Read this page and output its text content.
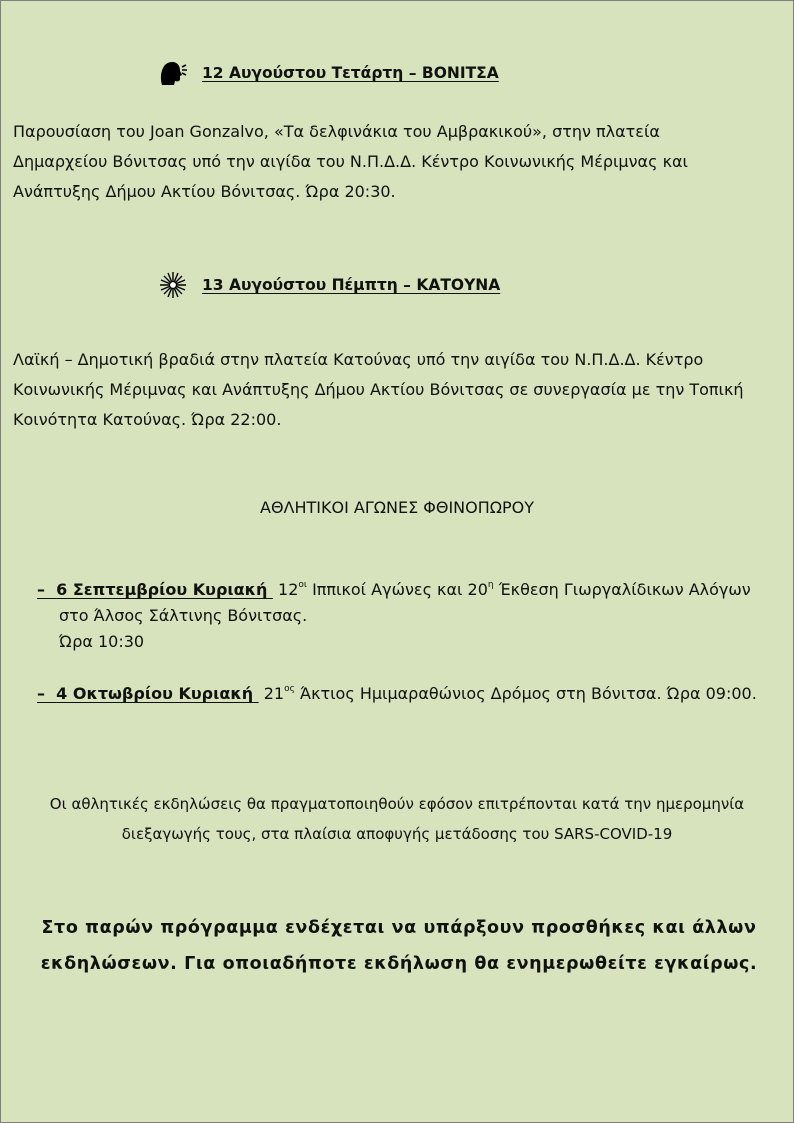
12 Αυγούστου Τετάρτη – ΒΟΝΙΤΣΑ
Παρουσίαση του Joan Gonzalvo, «Τα δελφινάκια του Αμβρακικού», στην πλατεία
Δημαρχείου Βόνιτσας υπό την αιγίδα του Ν.Π.Δ.Δ. Κέντρο Κοινωνικής Μέριμνας και
Ανάπτυξης Δήμου Ακτίου Βόνιτσας. Ώρα 20:30.
13 Αυγούστου Πέμπτη – ΚΑΤΟΥΝΑ
Λαϊκή – Δημοτική βραδιά στην πλατεία Κατούνας υπό την αιγίδα του Ν.Π.Δ.Δ. Κέντρο
Κοινωνικής Μέριμνας και Ανάπτυξης Δήμου Ακτίου Βόνιτσας σε συνεργασία με την Τοπική
Κοινότητα Κατούνας. Ώρα 22:00.
ΑΘΛΗΤΙΚΟΙ ΑΓΩΝΕΣ ΦΘΙΝΟΠΩΡΟΥ
– 6 Σεπτεμβρίου Κυριακή $12^{o\iota}$ Ιππικοί Αγώνες και $20^\eta$ Έκθεση Γιωργαλίδικων Αλόγων
στο Άλσος Σάλτινης Βόνιτσας.
Ώρα 10:30
– 4 Οκτωβρίου Κυριακή $21^{o\varsigma}$ Άκτιος Ημιμαραθώνιος Δρόμος στη Βόνιτσα. Ώρα 09:00.
Οι αθλητικές εκδηλώσεις θα πραγματοποιηθούν εφόσον επιτρέπονται κατά την ημερομηνία
διεξαγωγής τους, στα πλαίσια αποφυγής μετάδοσης του SARS-COVID-19
Στο παρών πρόγραμμα ενδέχεται να υπάρξουν προσθήκες και άλλων
εκδηλώσεων. Για οποιαδήποτε εκδήλωση θα ενημερωθείτε εγκαίρως.
